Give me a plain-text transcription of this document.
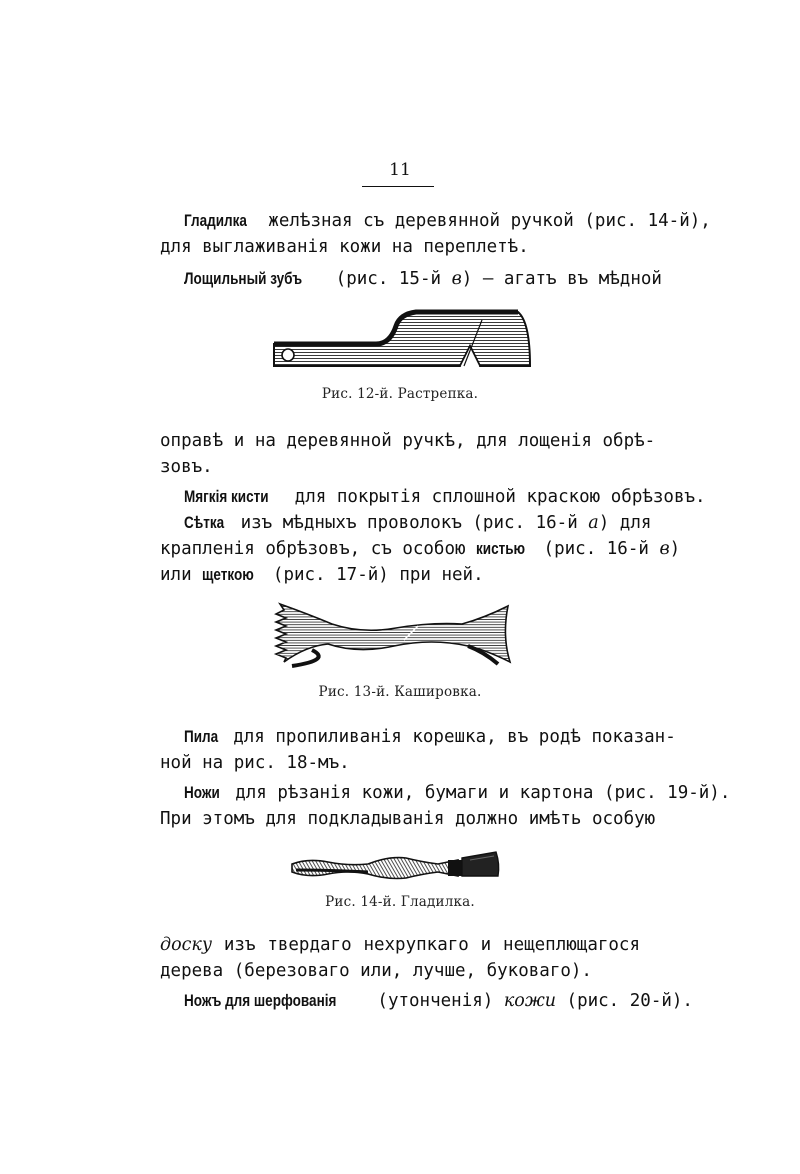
11
Гладилка желѣзная съ деревянной ручкой (рис. 14-й),
для выглаживанія кожи на переплетѣ.
Лощильный зубъ (рис. 15-й в) — агатъ въ мѣдной
Рис. 12-й. Растрепка.
оправѣ и на деревянной ручкѣ, для лощенія обрѣ-
зовъ.
Мягкія кисти для покрытія сплошной краскою обрѣзовъ.
Сѣтка изъ мѣдныхъ проволокъ (рис. 16-й а) для
крапленія обрѣзовъ, съ особою кистью (рис. 16-й в)
или щеткою (рис. 17-й) при ней.
Рис. 13-й. Кашировка.
Пила для пропиливанія корешка, въ родѣ показан-
ной на рис. 18-мъ.
Ножи для рѣзанія кожи, бумаги и картона (рис. 19-й).
При этомъ для подкладыванія должно имѣть особую
Рис. 14-й. Гладилка.
доску изъ твердаго нехрупкаго и нещеплющагося
дерева (березоваго или, лучше, буковаго).
Ножъ для шерфованія (утонченія) кожи (рис. 20-й).
